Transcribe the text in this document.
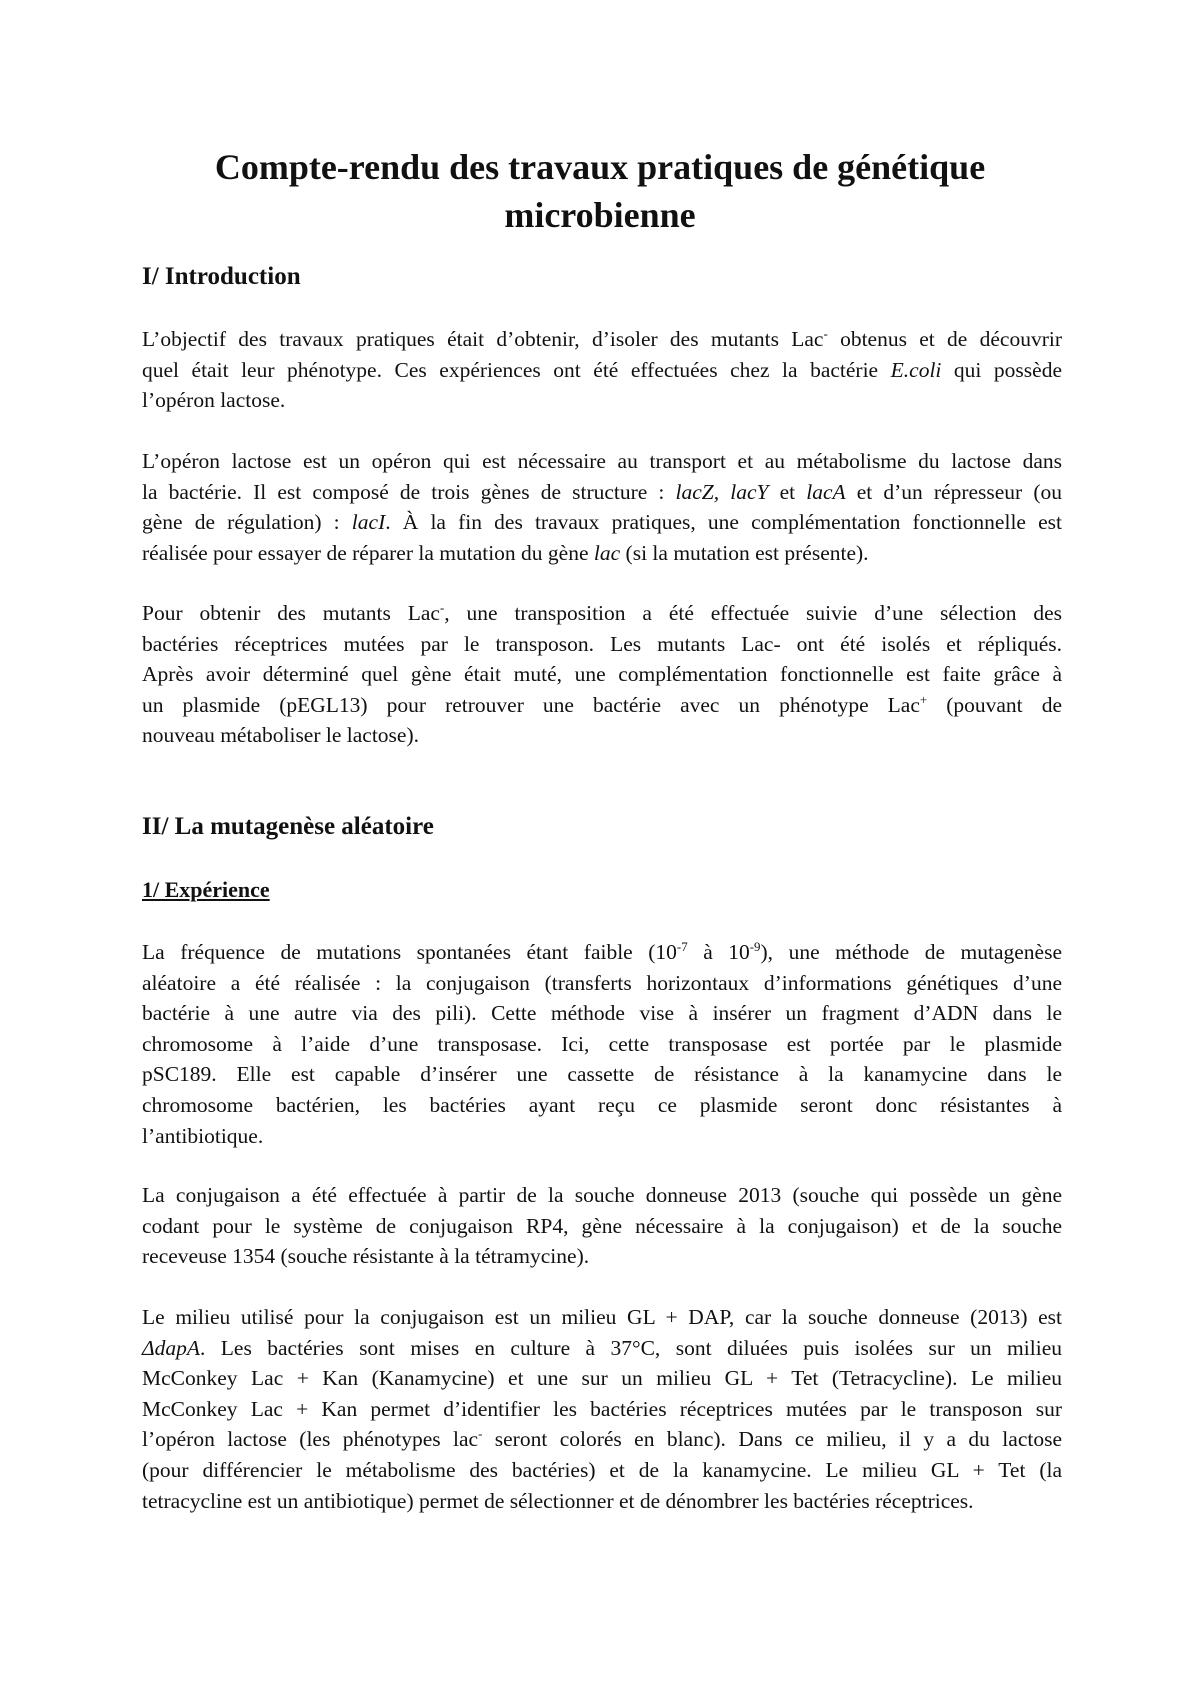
Compte-rendu des travaux pratiques de génétique
microbienne
I/ Introduction

L’objectif des travaux pratiques était d’obtenir, d’isoler des mutants Lac- obtenus et de découvrir
quel était leur phénotype. Ces expériences ont été effectuées chez la bactérie E.coli qui possède
l’opéron lactose.

L’opéron lactose est un opéron qui est nécessaire au transport et au métabolisme du lactose dans
la bactérie. Il est composé de trois gènes de structure : lacZ, lacY et lacA et d’un répresseur (ou
gène de régulation) : lacI. À la fin des travaux pratiques, une complémentation fonctionnelle est
réalisée pour essayer de réparer la mutation du gène lac (si la mutation est présente).

Pour obtenir des mutants Lac-, une transposition a été effectuée suivie d’une sélection des
bactéries réceptrices mutées par le transposon. Les mutants Lac- ont été isolés et répliqués.
Après avoir déterminé quel gène était muté, une complémentation fonctionnelle est faite grâce à
un plasmide (pEGL13) pour retrouver une bactérie avec un phénotype Lac+ (pouvant de
nouveau métaboliser le lactose).

II/ La mutagenèse aléatoire
1/ Expérience

La fréquence de mutations spontanées étant faible ($10^{-7}$ à $10^{-9}$), une méthode de mutagenèse
aléatoire a été réalisée : la conjugaison (transferts horizontaux d’informations génétiques d’une
bactérie à une autre via des pili). Cette méthode vise à insérer un fragment d’ADN dans le
chromosome à l’aide d’une transposase. Ici, cette transposase est portée par le plasmide
pSC189. Elle est capable d’insérer une cassette de résistance à la kanamycine dans le
chromosome bactérien, les bactéries ayant reçu ce plasmide seront donc résistantes à
l’antibiotique.

La conjugaison a été effectuée à partir de la souche donneuse 2013 (souche qui possède un gène
codant pour le système de conjugaison RP4, gène nécessaire à la conjugaison) et de la souche
receveuse 1354 (souche résistante à la tétramycine).

Le milieu utilisé pour la conjugaison est un milieu GL + DAP, car la souche donneuse (2013) est
ΔdapA. Les bactéries sont mises en culture à 37°C, sont diluées puis isolées sur un milieu
McConkey Lac + Kan (Kanamycine) et une sur un milieu GL + Tet (Tetracycline). Le milieu
McConkey Lac + Kan permet d’identifier les bactéries réceptrices mutées par le transposon sur
l’opéron lactose (les phénotypes lac- seront colorés en blanc). Dans ce milieu, il y a du lactose
(pour différencier le métabolisme des bactéries) et de la kanamycine. Le milieu GL + Tet (la
tetracycline est un antibiotique) permet de sélectionner et de dénombrer les bactéries réceptrices.
